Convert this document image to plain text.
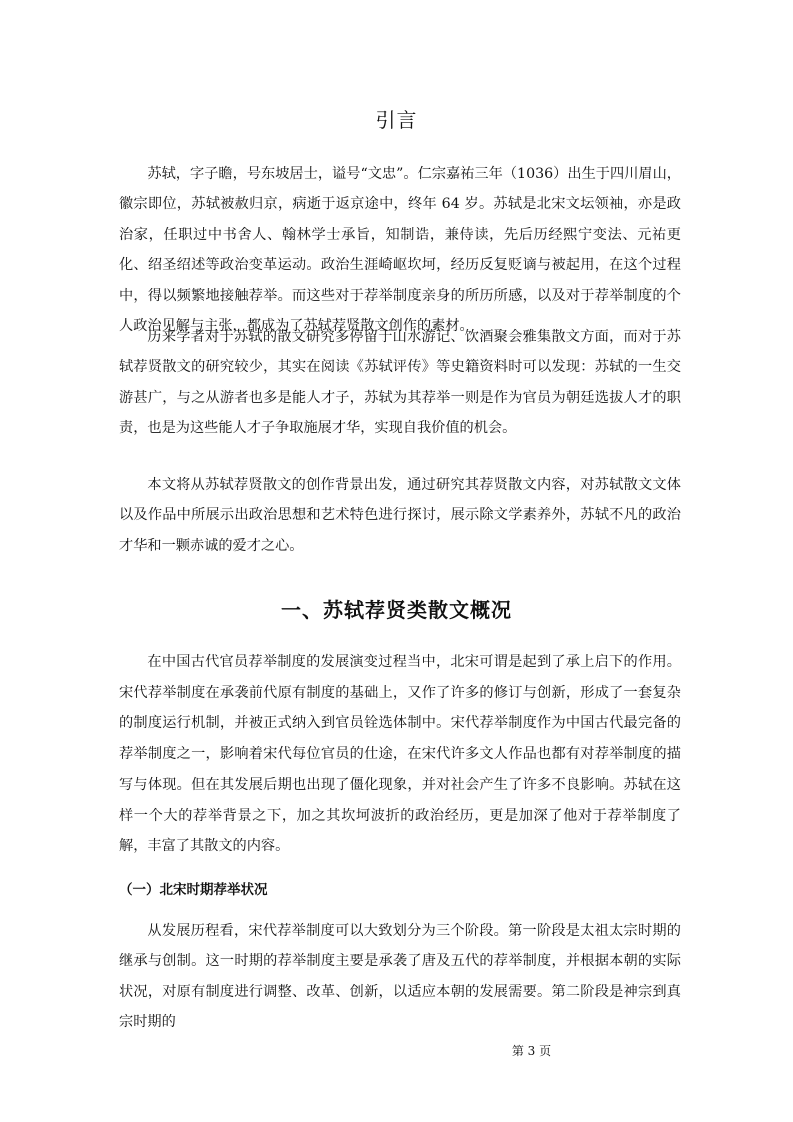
引言

苏轼，字子瞻，号东坡居士，谥号“文忠”。仁宗嘉祐三年（1036）出生于四川眉山，徽宗即位，苏轼被赦归京，病逝于返京途中，终年 64 岁。苏轼是北宋文坛领袖，亦是政治家，任职过中书舍人、翰林学士承旨，知制诰，兼侍读，先后历经熙宁变法、元祐更化、绍圣绍述等政治变革运动。政治生涯崎岖坎坷，经历反复贬谪与被起用，在这个过程中，得以频繁地接触荐举。而这些对于荐举制度亲身的所历所感，以及对于荐举制度的个人政治见解与主张，都成为了苏轼荐贤散文创作的素材。

历来学者对于苏轼的散文研究多停留于山水游记、饮酒聚会雅集散文方面，而对于苏轼荐贤散文的研究较少，其实在阅读《苏轼评传》等史籍资料时可以发现：苏轼的一生交游甚广，与之从游者也多是能人才子，苏轼为其荐举一则是作为官员为朝廷选拔人才的职责，也是为这些能人才子争取施展才华，实现自我价值的机会。

本文将从苏轼荐贤散文的创作背景出发，通过研究其荐贤散文内容，对苏轼散文文体以及作品中所展示出政治思想和艺术特色进行探讨，展示除文学素养外，苏轼不凡的政治才华和一颗赤诚的爱才之心。

一、苏轼荐贤类散文概况

在中国古代官员荐举制度的发展演变过程当中，北宋可谓是起到了承上启下的作用。宋代荐举制度在承袭前代原有制度的基础上，又作了许多的修订与创新，形成了一套复杂的制度运行机制，并被正式纳入到官员铨选体制中。宋代荐举制度作为中国古代最完备的荐举制度之一，影响着宋代每位官员的仕途，在宋代许多文人作品也都有对荐举制度的描写与体现。但在其发展后期也出现了僵化现象，并对社会产生了许多不良影响。苏轼在这样一个大的荐举背景之下，加之其坎坷波折的政治经历，更是加深了他对于荐举制度了解，丰富了其散文的内容。

（一）北宋时期荐举状况

从发展历程看，宋代荐举制度可以大致划分为三个阶段。第一阶段是太祖太宗时期的继承与创制。这一时期的荐举制度主要是承袭了唐及五代的荐举制度，并根据本朝的实际状况，对原有制度进行调整、改革、创新，以适应本朝的发展需要。第二阶段是神宗到真宗时期的

第 3 页
